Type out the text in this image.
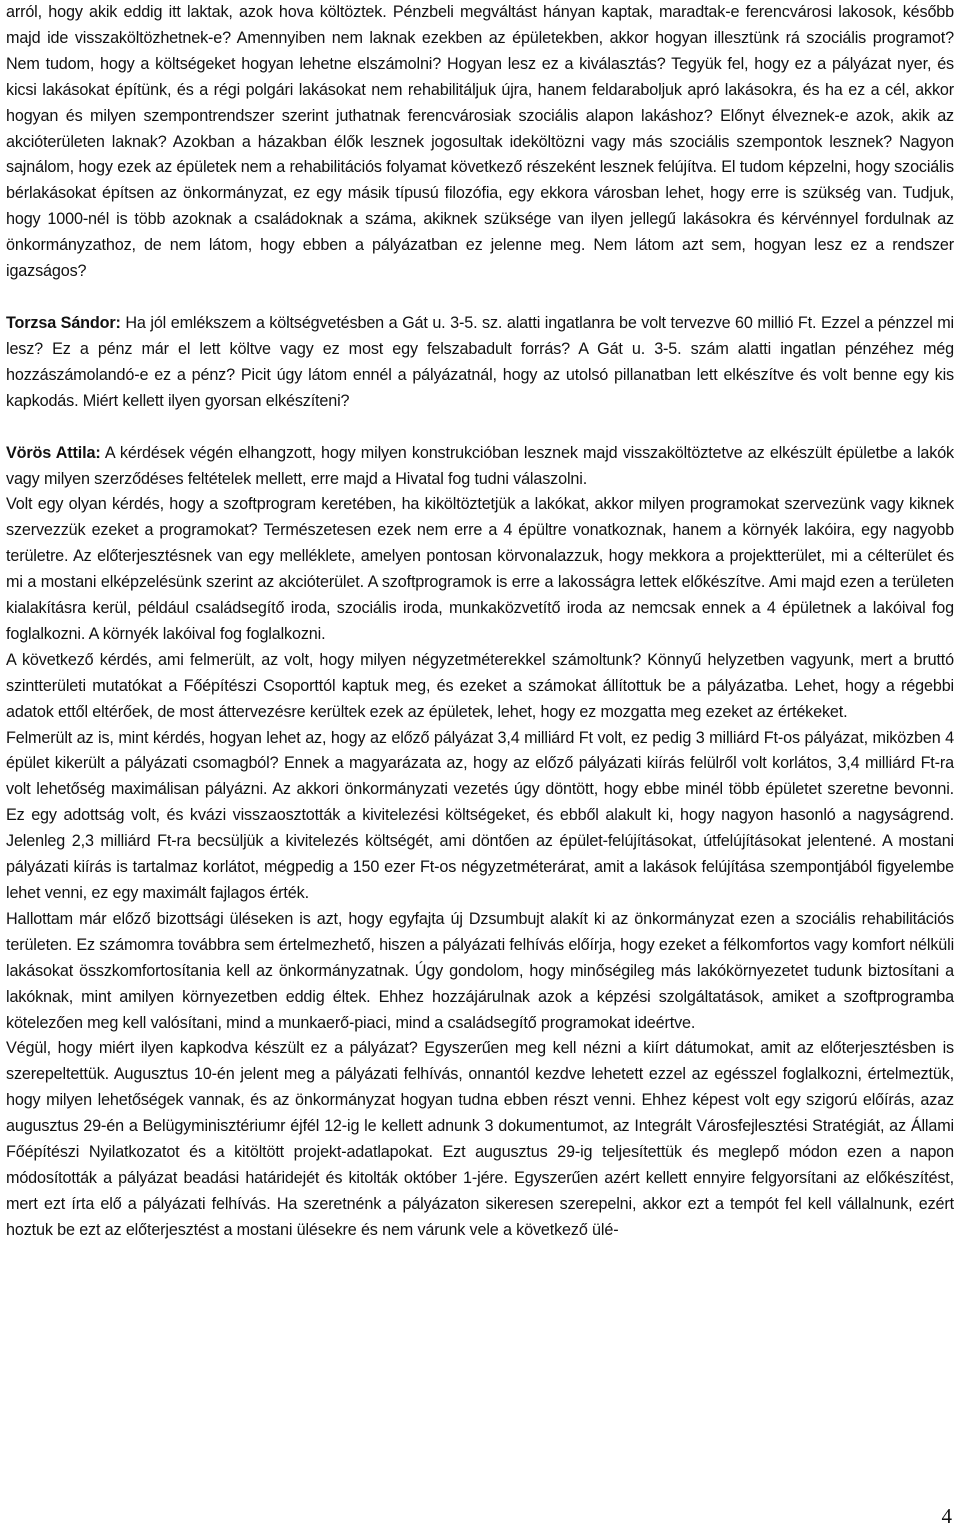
arról, hogy akik eddig itt laktak, azok hova költöztek. Pénzbeli megváltást hányan kaptak, maradtak-e ferencvárosi lakosok, később majd ide visszaköltözhetnek-e? Amennyiben nem laknak ezekben az épületekben, akkor hogyan illesztünk rá szociális programot? Nem tudom, hogy a költségeket hogyan lehetne elszámolni? Hogyan lesz ez a kiválasztás? Tegyük fel, hogy ez a pályázat nyer, és kicsi lakásokat építünk, és a régi polgári lakásokat nem rehabilitáljuk újra, hanem feldaraboljuk apró lakásokra, és ha ez a cél, akkor hogyan és milyen szempontrendszer szerint juthatnak ferencvárosiak szociális alapon lakáshoz? Előnyt élveznek-e azok, akik az akcióterületen laknak? Azokban a házakban élők lesznek jogosultak ideköltözni vagy más szociális szempontok lesznek? Nagyon sajnálom, hogy ezek az épületek nem a rehabilitációs folyamat következő részeként lesznek felújítva. El tudom képzelni, hogy szociális bérlakásokat építsen az önkormányzat, ez egy másik típusú filozófia, egy ekkora városban lehet, hogy erre is szükség van. Tudjuk, hogy 1000-nél is több azoknak a családoknak a száma, akiknek szüksége van ilyen jellegű lakásokra és kérvénnyel fordulnak az önkormányzathoz, de nem látom, hogy ebben a pályázatban ez jelenne meg. Nem látom azt sem, hogyan lesz ez a rendszer igazságos?

Torzsa Sándor: Ha jól emlékszem a költségvetésben a Gát u. 3-5. sz. alatti ingatlanra be volt tervezve 60 millió Ft. Ezzel a pénzzel mi lesz? Ez a pénz már el lett költve vagy ez most egy felszabadult forrás? A Gát u. 3-5. szám alatti ingatlan pénzéhez még hozzászámolandó-e ez a pénz? Picit úgy látom ennél a pályázatnál, hogy az utolsó pillanatban lett elkészítve és volt benne egy kis kapkodás. Miért kellett ilyen gyorsan elkészíteni?

Vörös Attila: A kérdések végén elhangzott, hogy milyen konstrukcióban lesznek majd visszaköltöztetve az elkészült épületbe a lakók vagy milyen szerződéses feltételek mellett, erre majd a Hivatal fog tudni válaszolni.

Volt egy olyan kérdés, hogy a szoftprogram keretében, ha kiköltöztetjük a lakókat, akkor milyen programokat szervezünk vagy kiknek szervezzük ezeket a programokat? Természetesen ezek nem erre a 4 épültre vonatkoznak, hanem a környék lakóira, egy nagyobb területre. Az előterjesztésnek van egy melléklete, amelyen pontosan körvonalazzuk, hogy mekkora a projektterület, mi a célterület és mi a mostani elképzelésünk szerint az akcióterület. A szoftprogramok is erre a lakosságra lettek előkészítve. Ami majd ezen a területen kialakításra kerül, például családsegítő iroda, szociális iroda, munkaközvetítő iroda az nemcsak ennek a 4 épületnek a lakóival fog foglalkozni. A környék lakóival fog foglalkozni.

A következő kérdés, ami felmerült, az volt, hogy milyen négyzetméterekkel számoltunk? Könnyű helyzetben vagyunk, mert a bruttó szintterületi mutatókat a Főépítészi Csoporttól kaptuk meg, és ezeket a számokat állítottuk be a pályázatba. Lehet, hogy a régebbi adatok ettől eltérőek, de most áttervezésre kerültek ezek az épületek, lehet, hogy ez mozgatta meg ezeket az értékeket.

Felmerült az is, mint kérdés, hogyan lehet az, hogy az előző pályázat 3,4 milliárd Ft volt, ez pedig 3 milliárd Ft-os pályázat, miközben 4 épület kikerült a pályázati csomagból? Ennek a magyarázata az, hogy az előző pályázati kiírás felülről volt korlátos, 3,4 milliárd Ft-ra volt lehetőség maximálisan pályázni. Az akkori önkormányzati vezetés úgy döntött, hogy ebbe minél több épületet szeretne bevonni. Ez egy adottság volt, és kvázi visszaosztották a kivitelezési költségeket, és ebből alakult ki, hogy nagyon hasonló a nagyságrend. Jelenleg 2,3 milliárd Ft-ra becsüljük a kivitelezés költségét, ami döntően az épület-felújításokat, útfelújításokat jelentené. A mostani pályázati kiírás is tartalmaz korlátot, mégpedig a 150 ezer Ft-os négyzetméterárat, amit a lakások felújítása szempontjából figyelembe lehet venni, ez egy maximált fajlagos érték.

Hallottam már előző bizottsági üléseken is azt, hogy egyfajta új Dzsumbujt alakít ki az önkormányzat ezen a szociális rehabilitációs területen. Ez számomra továbbra sem értelmezhető, hiszen a pályázati felhívás előírja, hogy ezeket a félkomfortos vagy komfort nélküli lakásokat összkomfortosítania kell az önkormányzatnak. Úgy gondolom, hogy minőségileg más lakókörnyezetet tudunk biztosítani a lakóknak, mint amilyen környezetben eddig éltek. Ehhez hozzájárulnak azok a képzési szolgáltatások, amiket a szoftprogramba kötelezően meg kell valósítani, mind a munkaerő-piaci, mind a családsegítő programokat ideértve.

Végül, hogy miért ilyen kapkodva készült ez a pályázat? Egyszerűen meg kell nézni a kiírt dátumokat, amit az előterjesztésben is szerepeltettük. Augusztus 10-én jelent meg a pályázati felhívás, onnantól kezdve lehetett ezzel az egésszel foglalkozni, értelmeztük, hogy milyen lehetőségek vannak, és az önkormányzat hogyan tudna ebben részt venni. Ehhez képest volt egy szigorú előírás, azaz augusztus 29-én a Belügyminisztériumr éjfél 12-ig le kellett adnunk 3 dokumentumot, az Integrált Városfejlesztési Stratégiát, az Állami Főépítészi Nyilatkozatot és a kitöltött projekt-adatlapokat. Ezt augusztus 29-ig teljesítettük és meglepő módon ezen a napon módosították a pályázat beadási határidejét és kitolták október 1-jére. Egyszerűen azért kellett ennyire felgyorsítani az előkészítést, mert ezt írta elő a pályázati felhívás. Ha szeretnénk a pályázaton sikeresen szerepelni, akkor ezt a tempót fel kell vállalnunk, ezért hoztuk be ezt az előterjesztést a mostani ülésekre és nem várunk vele a következő ülé-

4
